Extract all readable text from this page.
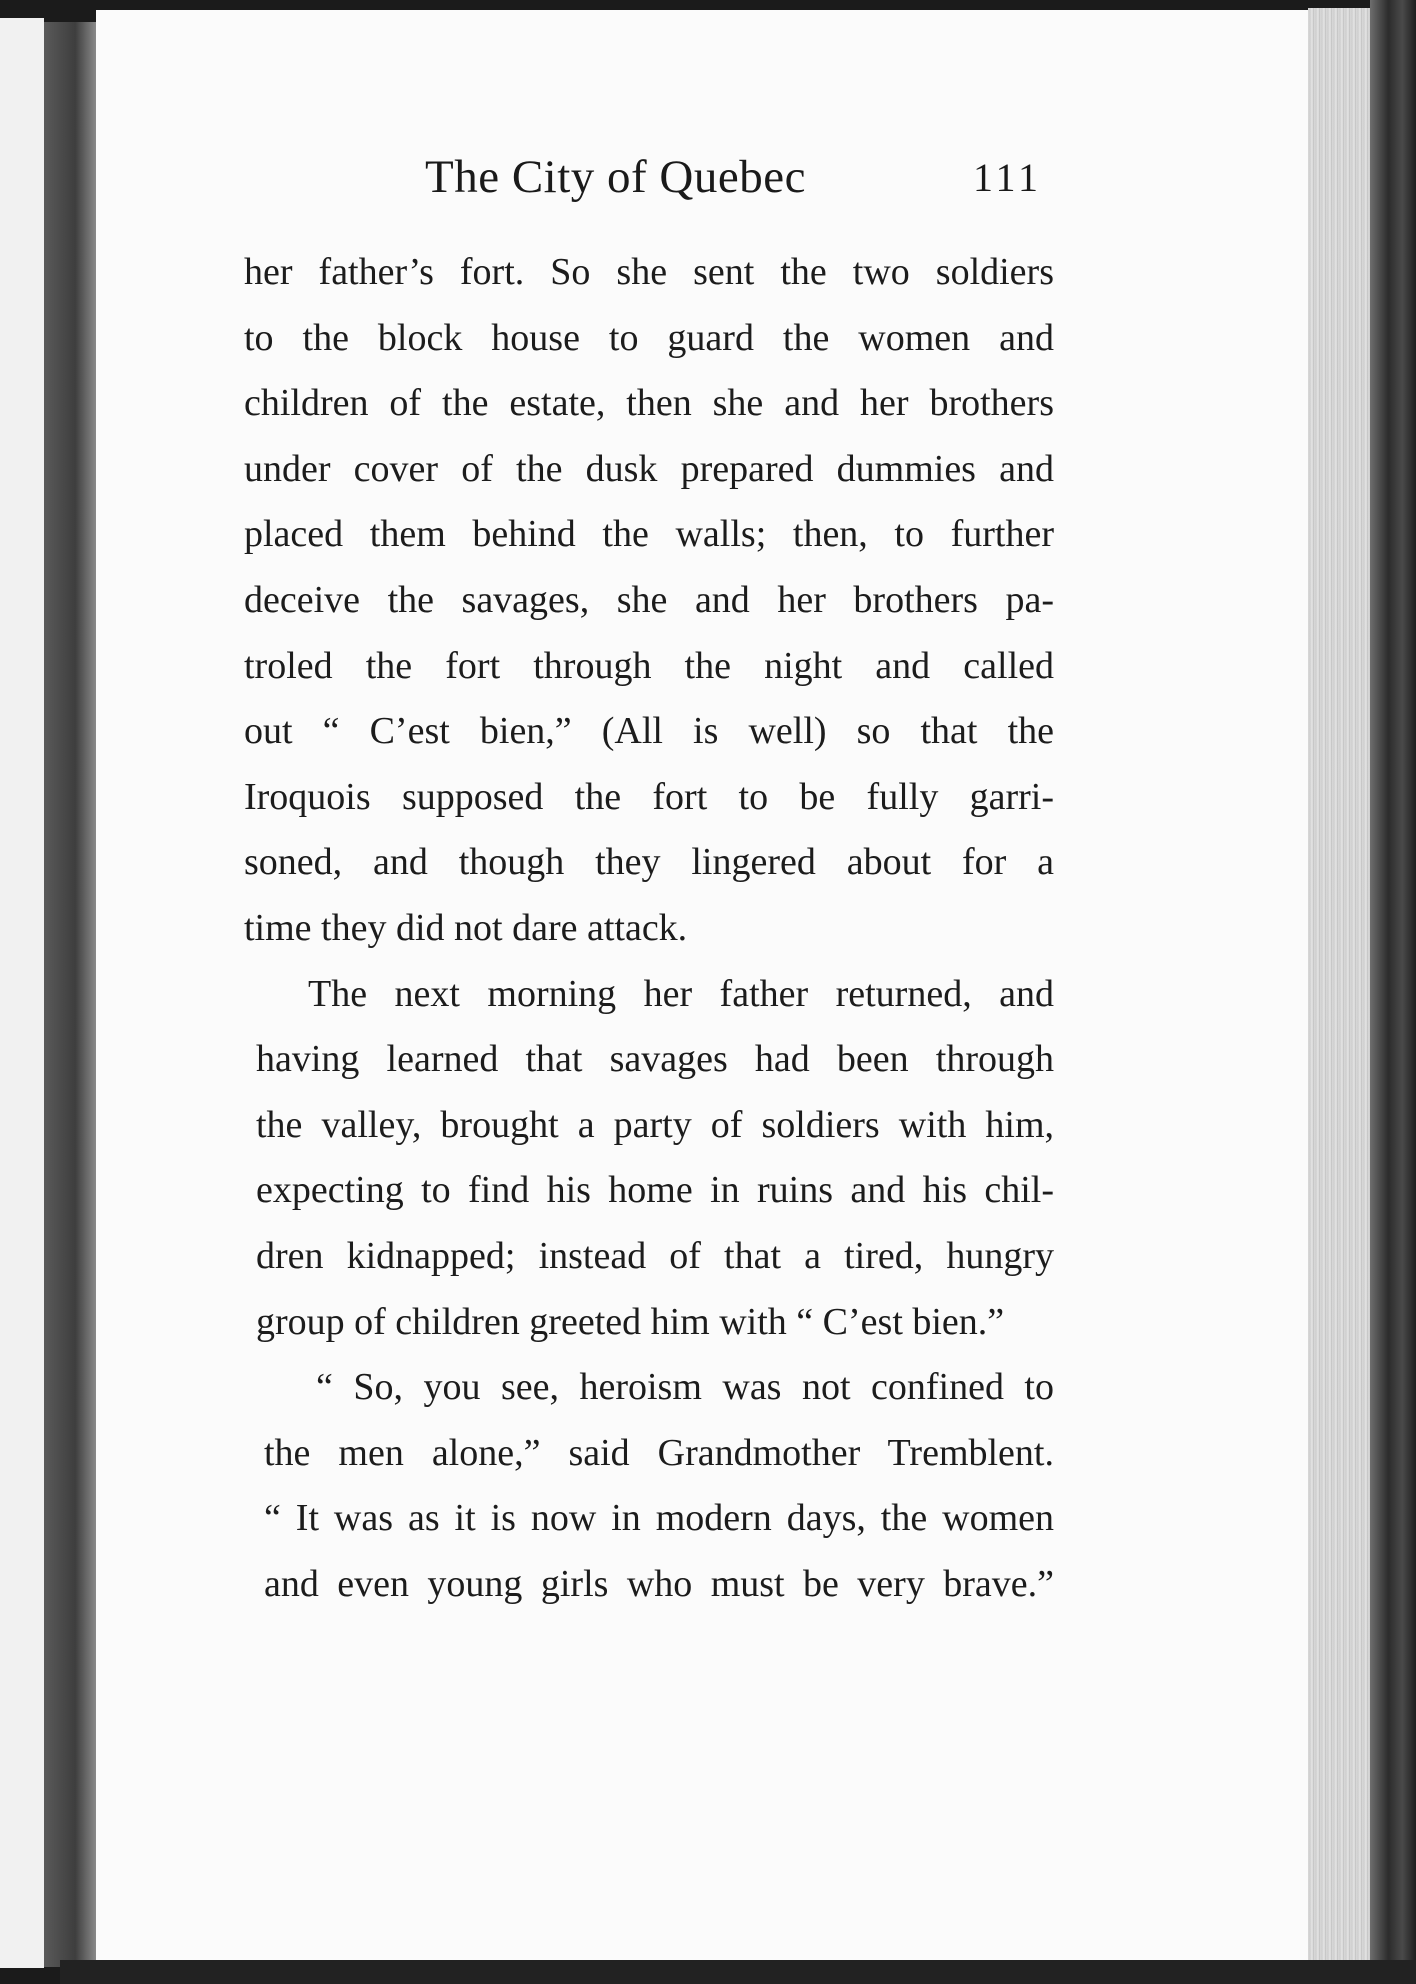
The City of Quebec	111
her father’s fort. So she sent the two soldiers
to the block house to guard the women and
children of the estate, then she and her brothers
under cover of the dusk prepared dummies and
placed them behind the walls; then, to further
deceive the savages, she and her brothers pa-
troled the fort through the night and called
out “ C’est bien,” (All is well) so that the
Iroquois supposed the fort to be fully garri-
soned, and though they lingered about for a
time they did not dare attack.
The next morning her father returned, and
having learned that savages had been through
the valley, brought a party of soldiers with him,
expecting to find his home in ruins and his chil-
dren kidnapped; instead of that a tired, hungry
group of children greeted him with “ C’est bien.”
“ So, you see, heroism was not confined to
the men alone,” said Grandmother Tremblent.
“ It was as it is now in modern days, the women
and even young girls who must be very brave.”
